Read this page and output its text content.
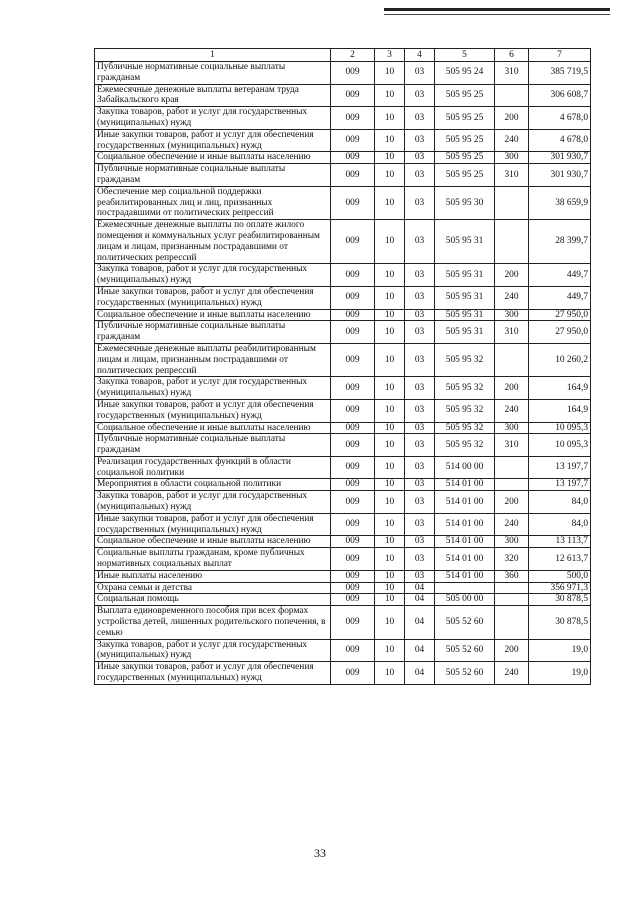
1	2	3	4	5	6	7
Публичные нормативные социальные выплаты гражданам	009	10	03	505 95 24	310	385 719,5
Ежемесячные денежные выплаты ветеранам труда Забайкальского края	009	10	03	505 95 25		306 608,7
Закупка товаров, работ и услуг для государственных (муниципальных) нужд	009	10	03	505 95 25	200	4 678,0
Иные закупки товаров, работ и услуг для обеспечения государственных (муниципальных) нужд	009	10	03	505 95 25	240	4 678,0
Социальное обеспечение и иные выплаты населению	009	10	03	505 95 25	300	301 930,7
Публичные нормативные социальные выплаты гражданам	009	10	03	505 95 25	310	301 930,7
Обеспечение мер социальной поддержки реабилитированных лиц и лиц, признанных пострадавшими от политических репрессий	009	10	03	505 95 30		38 659,9
Ежемесячные денежные выплаты по оплате жилого помещения и коммунальных услуг реабилитированным лицам и лицам, признанным пострадавшими от политических репрессий	009	10	03	505 95 31		28 399,7
Закупка товаров, работ и услуг для государственных (муниципальных) нужд	009	10	03	505 95 31	200	449,7
Иные закупки товаров, работ и услуг для обеспечения государственных (муниципальных) нужд	009	10	03	505 95 31	240	449,7
Социальное обеспечение и иные выплаты населению	009	10	03	505 95 31	300	27 950,0
Публичные нормативные социальные выплаты гражданам	009	10	03	505 95 31	310	27 950,0
Ежемесячные денежные выплаты реабилитированным лицам и лицам, признанным пострадавшими от политических репрессий	009	10	03	505 95 32		10 260,2
Закупка товаров, работ и услуг для государственных (муниципальных) нужд	009	10	03	505 95 32	200	164,9
Иные закупки товаров, работ и услуг для обеспечения государственных (муниципальных) нужд	009	10	03	505 95 32	240	164,9
Социальное обеспечение и иные выплаты населению	009	10	03	505 95 32	300	10 095,3
Публичные нормативные социальные выплаты гражданам	009	10	03	505 95 32	310	10 095,3
Реализация государственных функций в области социальной политики	009	10	03	514 00 00		13 197,7
Мероприятия в области социальной политики	009	10	03	514 01 00		13 197,7
Закупка товаров, работ и услуг для государственных (муниципальных) нужд	009	10	03	514 01 00	200	84,0
Иные закупки товаров, работ и услуг для обеспечения государственных (муниципальных) нужд	009	10	03	514 01 00	240	84,0
Социальное обеспечение и иные выплаты населению	009	10	03	514 01 00	300	13 113,7
Социальные выплаты гражданам, кроме публичных нормативных социальных выплат	009	10	03	514 01 00	320	12 613,7
Иные выплаты населению	009	10	03	514 01 00	360	500,0
Охрана семьи и детства	009	10	04			356 971,3
Социальная помощь	009	10	04	505 00 00		30 878,5
Выплата единовременного пособия при всех формах устройства детей, лишенных родительского попечения, в семью	009	10	04	505 52 60		30 878,5
Закупка товаров, работ и услуг для государственных (муниципальных) нужд	009	10	04	505 52 60	200	19,0
Иные закупки товаров, работ и услуг для обеспечения государственных (муниципальных) нужд	009	10	04	505 52 60	240	19,0
33
